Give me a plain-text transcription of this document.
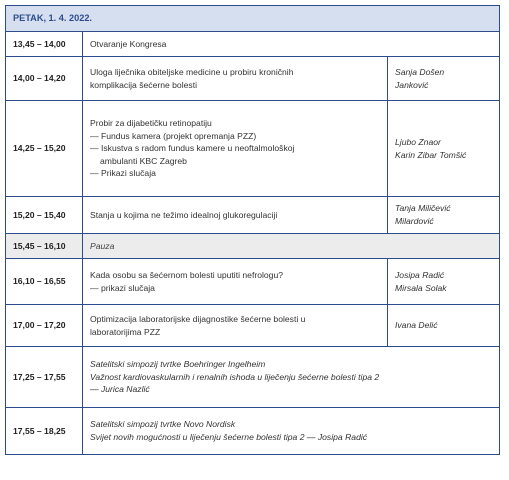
PETAK, 1. 4. 2022.		
13,45 – 14,00	Otvaranje Kongresa	
14,00 – 14,20	Uloga liječnika obiteljske medicine u probiru kroničnih
komplikacija šećerne bolesti	Sanja Došen
Janković

14,25 – 15,20	Probir za dijabetičku retinopatiju
— Fundus kamera (projekt opremanja PZZ)
— Iskustva s radom fundus kamere u neoftalmološkoj
ambulanti KBC Zagreb
— Prikazi slučaja	Ljubo Znaor
Karin Zibar Tomšić

15,20 – 15,40	Stanja u kojima ne težimo idealnoj glukoregulaciji	Tanja Miličević
Milardović

15,45 – 16,10	Pauza	
16,10 – 16,55	Kada osobu sa šećernom bolesti uputiti nefrologu?
— prikazi slučaja	Josipa Radić
Mirsala Solak

17,00 – 17,20	Optimizacija laboratorijske dijagnostike šećerne bolesti u
laboratorijima PZZ	Ivana Delić
17,25 – 17,55	Satelitski simpozij tvrtke Boehringer Ingelheim
Važnost kardiovaskularnih i renalnih ishoda u liječenju šećerne bolesti tipa 2
— Jurica Nazlić	

17,55 – 18,25	Satelitski simpozij tvrtke Novo Nordisk
Svijet novih mogućnosti u liječenju šećerne bolesti tipa 2 — Josipa Radić	
